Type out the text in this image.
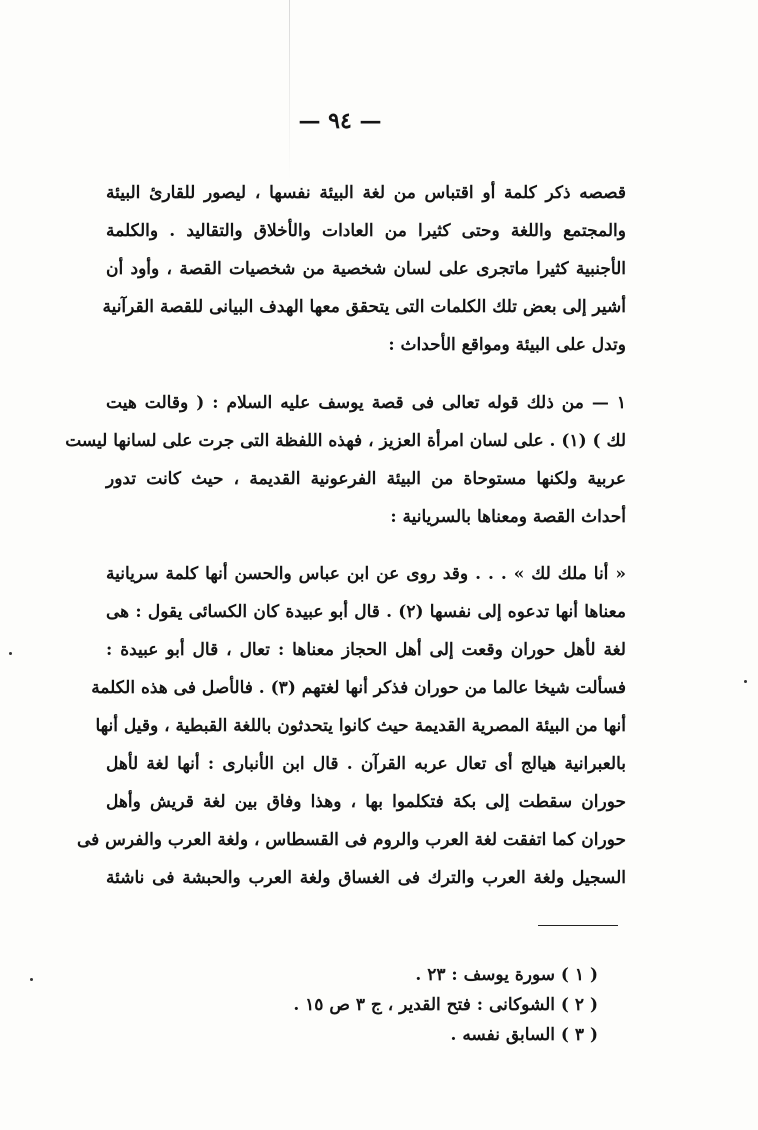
— ٩٤ —
قصصه ذكر كلمة أو اقتباس من لغة البيئة نفسها ، ليصور للقارئ البيئة
والمجتمع واللغة وحتى كثيرا من العادات والأخلاق والتقاليد . والكلمة
الأجنبية كثيرا ماتجرى على لسان شخصية من شخصيات القصة ، وأود أن
أشير إلى بعض تلك الكلمات التى يتحقق معها الهدف البيانى للقصة القرآنية
وتدل على البيئة ومواقع الأحداث :
١ — من ذلك قوله تعالى فى قصة يوسف عليه السلام : ( وقالت هيت
لك ) (١) . على لسان امرأة العزيز ، فهذه اللفظة التى جرت على لسانها ليست
عربية ولكنها مستوحاة من البيئة الفرعونية القديمة ، حيث كانت تدور
أحداث القصة ومعناها بالسريانية :
« أنا ملك لك » . . . وقد روى عن ابن عباس والحسن أنها كلمة سريانية
معناها أنها تدعوه إلى نفسها (٢) . قال أبو عبيدة كان الكسائى يقول : هى
لغة لأهل حوران وقعت إلى أهل الحجاز معناها : تعال ، قال أبو عبيدة :
فسألت شيخا عالما من حوران فذكر أنها لغتهم (٣) . فالأصل فى هذه الكلمة
أنها من البيئة المصرية القديمة حيث كانوا يتحدثون باللغة القبطية ، وقيل أنها
بالعبرانية هيالج أى تعال عربه القرآن . قال ابن الأنبارى : أنها لغة لأهل
حوران سقطت إلى بكة فتكلموا بها ، وهذا وفاق بين لغة قريش وأهل
حوران كما اتفقت لغة العرب والروم فى القسطاس ، ولغة العرب والفرس فى
السجيل ولغة العرب والترك فى الغساق ولغة العرب والحبشة فى ناشئة
( ١ ) سورة يوسف : ٢٣ .
( ٢ ) الشوكانى : فتح القدير ، ج ٣ ص ١٥ .
( ٣ ) السابق نفسه .
